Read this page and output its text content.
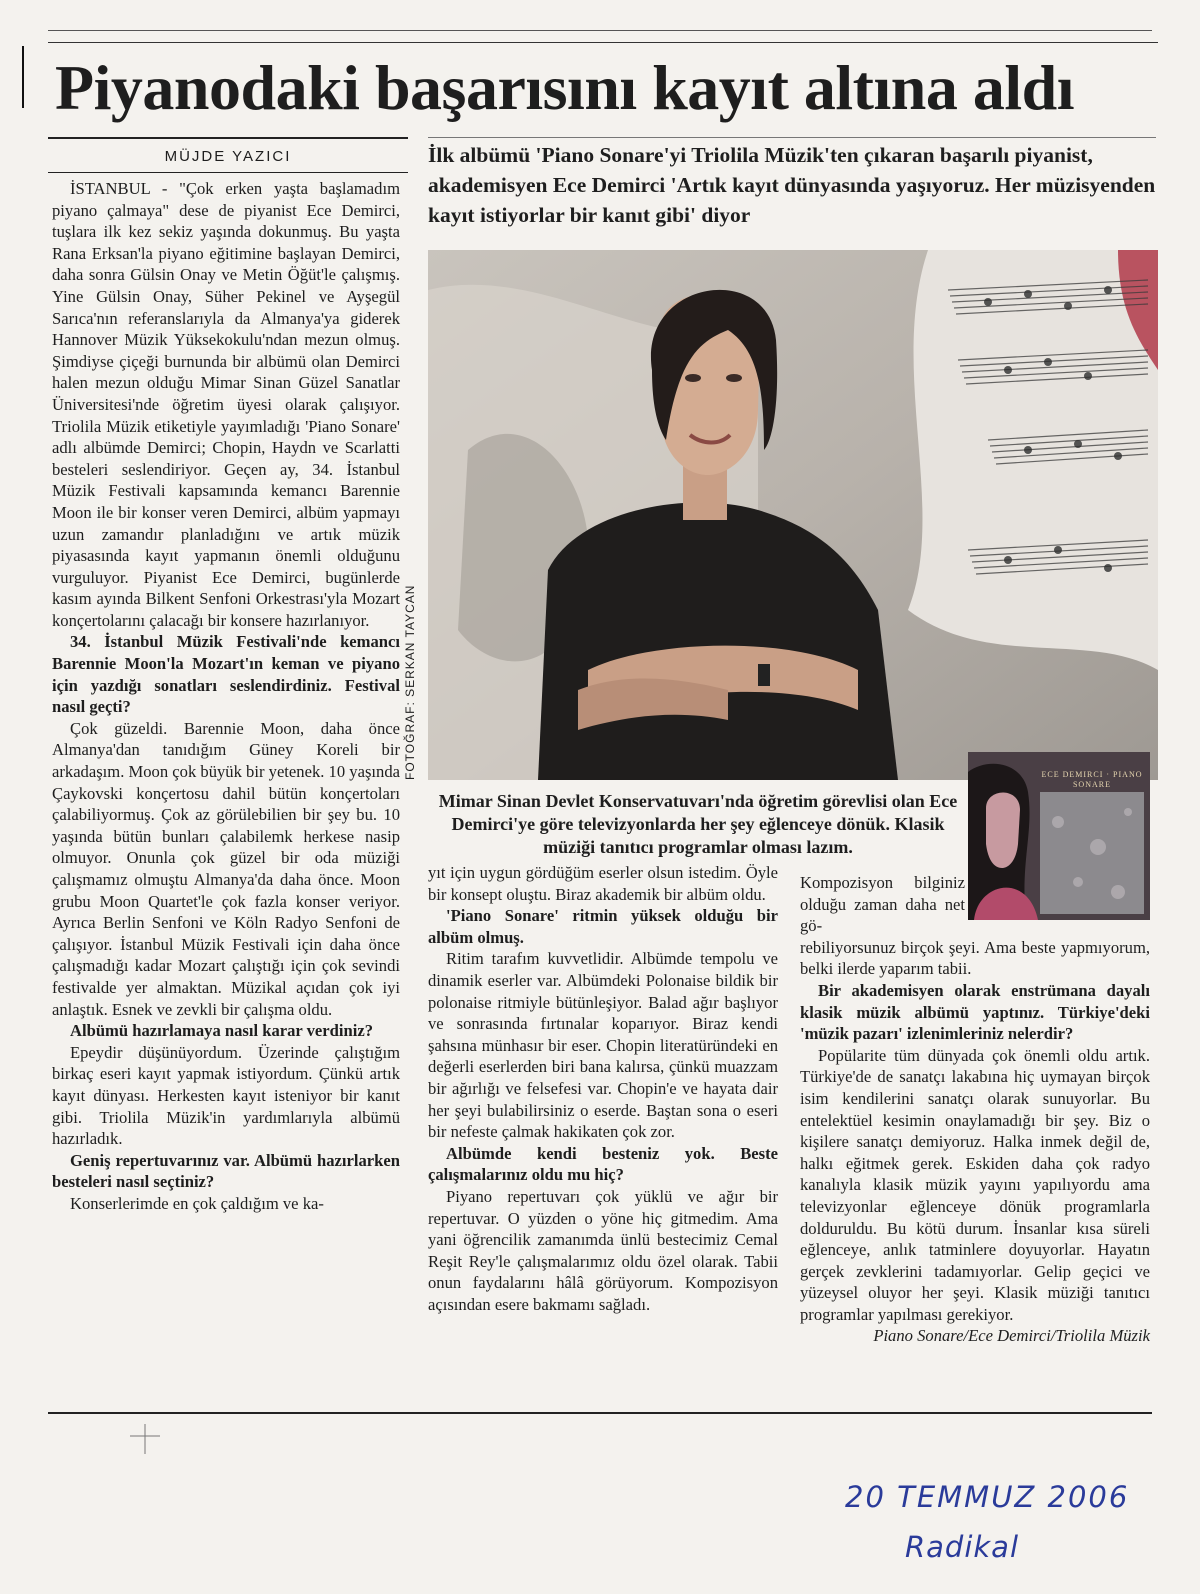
Piyanodaki başarısını kayıt altına aldı
MÜJDE YAZICI	İlk albümü 'Piano Sonare'yi Triolila Müzik'ten çıkaran başarılı piyanist, akademisyen Ece Demirci 'Artık kayıt dünyasında yaşıyoruz. Her müzisyenden kayıt istiyorlar bir kanıt gibi' diyor
FOTOĞRAF: SERKAN TAYCAN
Mimar Sinan Devlet Konservatuvarı'nda öğretim görevlisi olan Ece Demirci'ye göre televizyonlarda her şey eğlenceye dönük. Klasik müziği tanıtıcı programlar olması lazım.
ECE DEMIRCI · PIANO SONARE

İSTANBUL - "Çok erken yaşta başlamadım piyano çalmaya" dese de piyanist Ece Demirci, tuşlara ilk kez sekiz yaşında dokunmuş. Bu yaşta Rana Erksan'la piyano eğitimine başlayan Demirci, daha sonra Gülsin Onay ve Metin Öğüt'le çalışmış. Yine Gülsin Onay, Süher Pekinel ve Ayşegül Sarıca'nın referanslarıyla da Almanya'ya giderek Hannover Müzik Yüksekokulu'ndan mezun olmuş. Şimdiyse çiçeği burnunda bir albümü olan Demirci halen mezun olduğu Mimar Sinan Güzel Sanatlar Üniversitesi'nde öğretim üyesi olarak çalışıyor. Triolila Müzik etiketiyle yayımladığı 'Piano Sonare' adlı albümde Demirci; Chopin, Haydn ve Scarlatti besteleri seslendiriyor. Geçen ay, 34. İstanbul Müzik Festivali kapsamında kemancı Barennie Moon ile bir konser veren Demirci, albüm yapmayı uzun zamandır planladığını ve artık müzik piyasasında kayıt yapmanın önemli olduğunu vurguluyor. Piyanist Ece Demirci, bugünlerde kasım ayında Bilkent Senfoni Orkestrası'yla Mozart konçertolarını çalacağı bir konsere hazırlanıyor.

34. İstanbul Müzik Festivali'nde kemancı Barennie Moon'la Mozart'ın keman ve piyano için yazdığı sonatları seslendirdiniz. Festival nasıl geçti?

Çok güzeldi. Barennie Moon, daha önce Almanya'dan tanıdığım Güney Koreli bir arkadaşım. Moon çok büyük bir yetenek. 10 yaşında Çaykovski konçertosu dahil bütün konçertoları çalabiliyormuş. Çok az görülebilien bir şey bu. 10 yaşında bütün bunları çalabilemk herkese nasip olmuyor. Onunla çok güzel bir oda müziği çalışmamız olmuştu Almanya'da daha önce. Moon grubu Moon Quartet'le çok fazla konser veriyor. Ayrıca Berlin Senfoni ve Köln Radyo Senfoni de çalışıyor. İstanbul Müzik Festivali için daha önce çalışmadığı kadar Mozart çalıştığı için çok sevindi festivalde yer almaktan. Müzikal açıdan çok iyi anlaştık. Esnek ve zevkli bir çalışma oldu.

Albümü hazırlamaya nasıl karar verdiniz?

Epeydir düşünüyordum. Üzerinde çalıştığım birkaç eseri kayıt yapmak istiyordum. Çünkü artık kayıt dünyası. Herkesten kayıt isteniyor bir kanıt gibi. Triolila Müzik'in yardımlarıyla albümü hazırladık.

Geniş repertuvarınız var. Albümü hazırlarken besteleri nasıl seçtiniz?

Konserlerimde en çok çaldığım ve ka-

yıt için uygun gördüğüm eserler olsun istedim. Öyle bir konsept oluştu. Biraz akademik bir albüm oldu.

'Piano Sonare' ritmin yüksek olduğu bir albüm olmuş.

Ritim tarafım kuvvetlidir. Albümde tempolu ve dinamik eserler var. Albümdeki Polonaise bildik bir polonaise ritmiyle bütünleşiyor. Balad ağır başlıyor ve sonrasında fırtınalar koparıyor. Biraz kendi şahsına münhasır bir eser. Chopin literatüründeki en değerli eserlerden biri bana kalırsa, çünkü muazzam bir ağırlığı ve felsefesi var. Chopin'e ve hayata dair her şeyi bulabilirsiniz o eserde. Baştan sona o eseri bir nefeste çalmak hakikaten çok zor.

Albümde kendi besteniz yok. Beste çalışmalarınız oldu mu hiç?

Piyano repertuvarı çok yüklü ve ağır bir repertuvar. O yüzden o yöne hiç gitmedim. Ama yani öğrencilik zamanımda ünlü bestecimiz Cemal Reşit Rey'le çalışmalarımız oldu özel olarak. Tabii onun faydalarını hâlâ görüyorum. Kompozisyon açısından esere bakmamı sağladı.

Kompozisyon bilginiz olduğu zaman daha net gö-

rebiliyorsunuz birçok şeyi. Ama beste yapmıyorum, belki ilerde yaparım tabii.

Bir akademisyen olarak enstrümana dayalı klasik müzik albümü yaptınız. Türkiye'deki 'müzik pazarı' izlenimleriniz nelerdir?

Popülarite tüm dünyada çok önemli oldu artık. Türkiye'de de sanatçı lakabına hiç uymayan birçok isim kendilerini sanatçı olarak sunuyorlar. Bu entelektüel kesimin onaylamadığı bir şey. Biz o kişilere sanatçı demiyoruz. Halka inmek değil de, halkı eğitmek gerek. Eskiden daha çok radyo kanalıyla klasik müzik yayını yapılıyordu ama televizyonlar eğlenceye dönük programlarla dolduruldu. Bu kötü durum. İnsanlar kısa süreli eğlenceye, anlık tatminlere doyuyorlar. Hayatın gerçek zevklerini tadamıyorlar. Gelip geçici ve yüzeysel oluyor her şeyi. Klasik müziği tanıtıcı programlar yapılması gerekiyor.

Piano Sonare/Ece Demirci/Triolila Müzik

20 TEMMUZ 2006
Radikal
